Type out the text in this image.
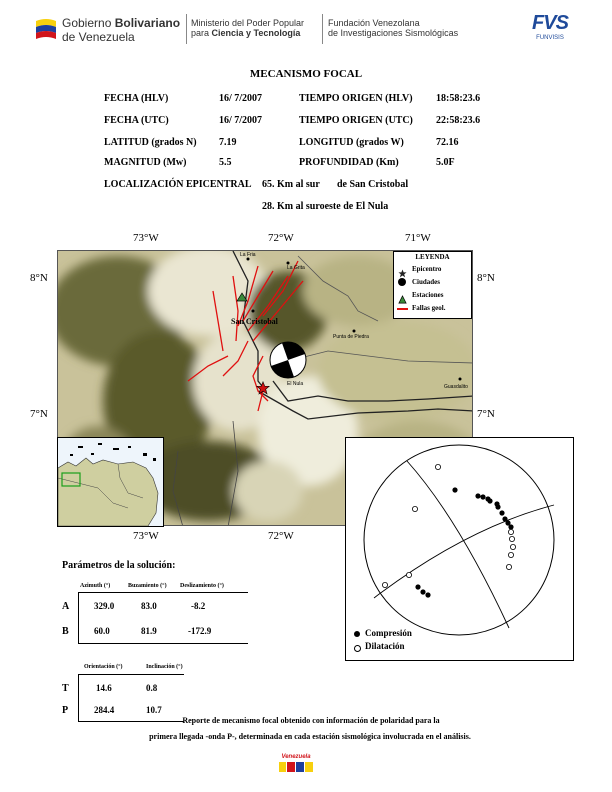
Gobierno Bolivariano
de Venezuela
Ministerio del Poder Popular
para Ciencia y Tecnología
Fundación Venezolana
de Investigaciones Sismológicas	FVS
FUNVISIS
MECANISMO FOCAL
FECHA (HLV)	16/ 7/2007	TIEMPO ORIGEN (HLV) 18:58:23.6
FECHA (UTC)	16/ 7/2007	TIEMPO ORIGEN (UTC) 22:58:23.6
LATITUD (grados N) 7.19	LONGITUD (grados W)	72.16
MAGNITUD (Mw)	5.5	PROFUNDIDAD (Km)	5.0F
LOCALIZACIÓN EPICENTRAL 65. Km al sur de San Cristobal
28. Km al suroeste de El Nula
73°W	72°W	71°W
8°N	8°N
7°N	7°N
73°W	72°W
La Fria
La Grita
San Cristobal
Punta de Piedra
El Nula	Guasdalito
LEYENDA
Epicentro
Ciudades
Estaciones
Fallas geol.
Compresión
Dilatación
Parámetros de la solución:
Azimuth (°)	Buzamiento (°) Deslizamiento (°)
A	329.0	83.0	-8.2
B	60.0	81.9	-172.9
Orientación (°)	Inclinación (°)
T	14.6	0.8
P	284.4	10.7
Reporte de mecanismo focal obtenido con información de polaridad para la
primera llegada -onda P-, determinada en cada estación sismológica involucrada en el análisis.
Venezuela
